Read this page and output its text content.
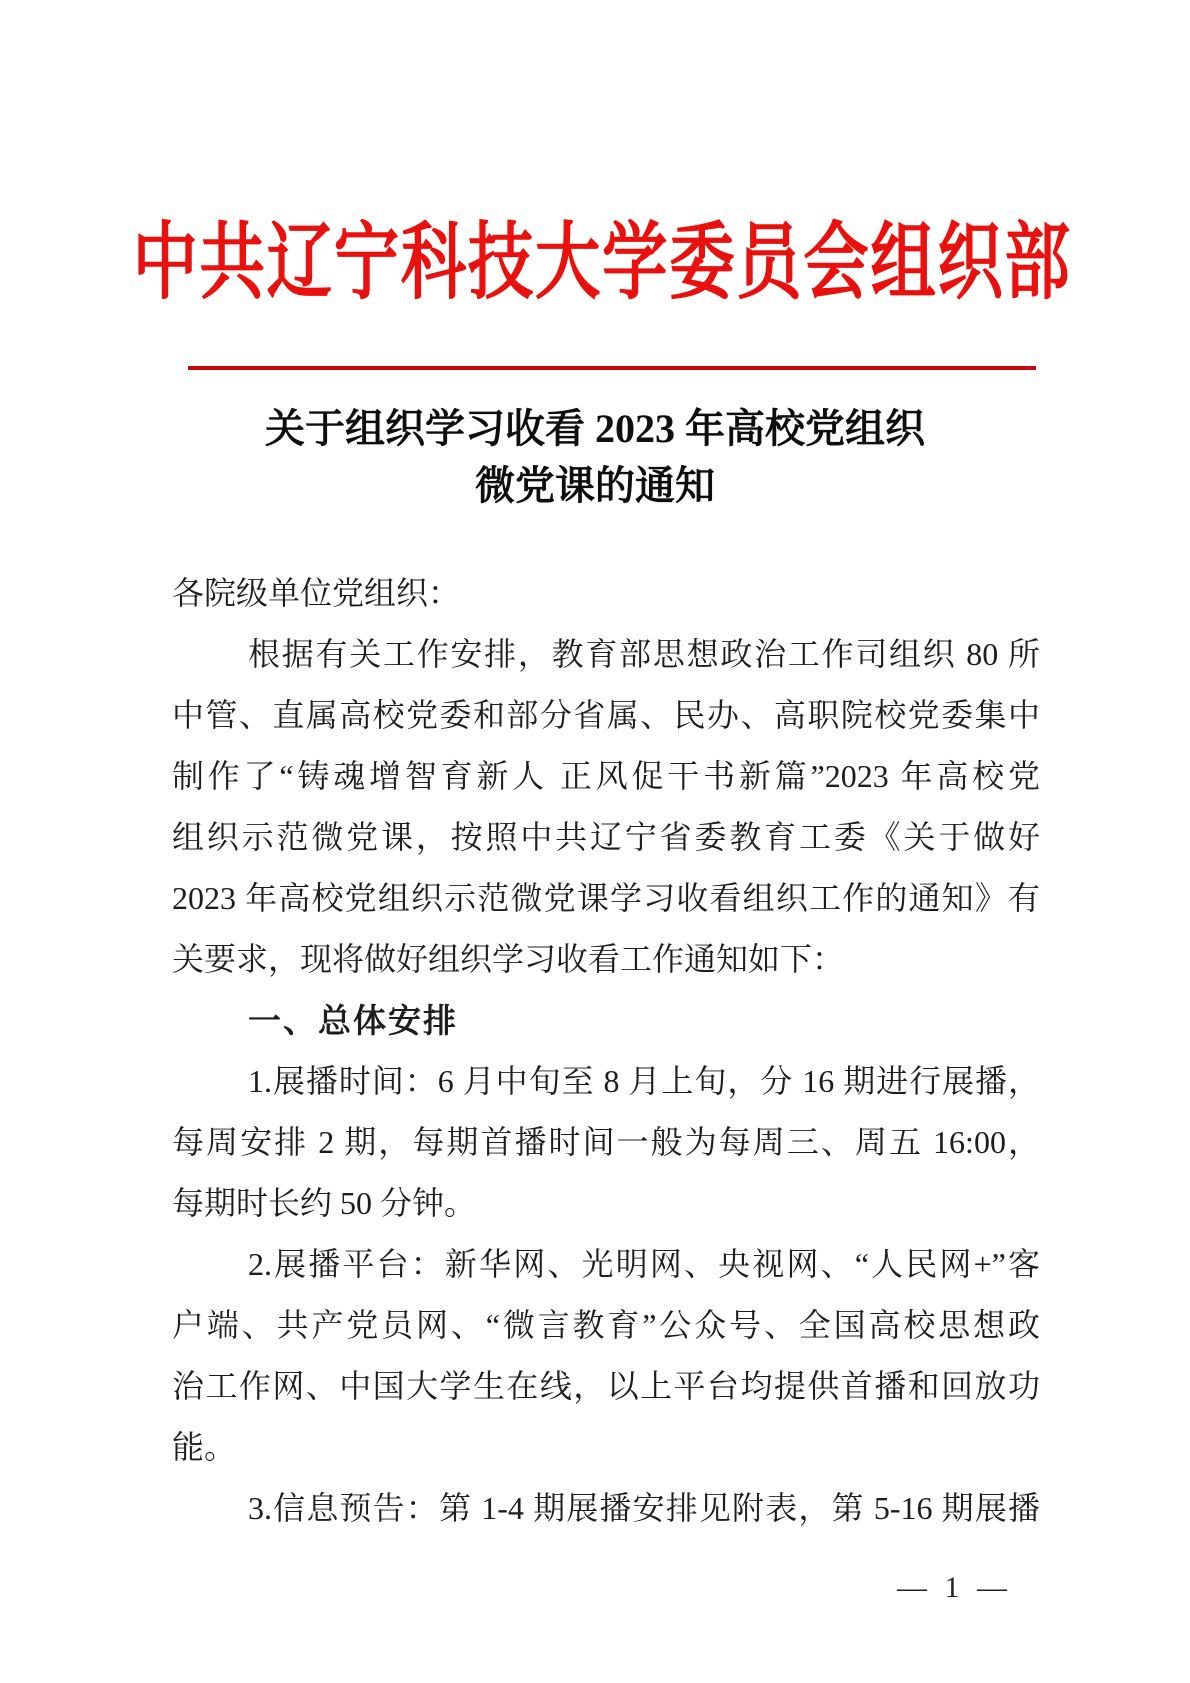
中共辽宁科技大学委员会组织部
关于组织学习收看 2023 年高校党组织
微党课的通知
各院级单位党组织：
根据有关工作安排，教育部思想政治工作司组织 80 所
中管、直属高校党委和部分省属、民办、高职院校党委集中
制作了“铸魂增智育新人 正风促干书新篇”2023 年高校党
组织示范微党课，按照中共辽宁省委教育工委《关于做好
2023 年高校党组织示范微党课学习收看组织工作的通知》有
关要求，现将做好组织学习收看工作通知如下：
一、总体安排
1.展播时间：6 月中旬至 8 月上旬，分 16 期进行展播，
每周安排 2 期，每期首播时间一般为每周三、周五 16:00，
每期时长约 50 分钟。
2.展播平台：新华网、光明网、央视网、“人民网+”客
户端、共产党员网、“微言教育”公众号、全国高校思想政
治工作网、中国大学生在线，以上平台均提供首播和回放功
能。
3.信息预告：第 1-4 期展播安排见附表，第 5-16 期展播
— 1 —
